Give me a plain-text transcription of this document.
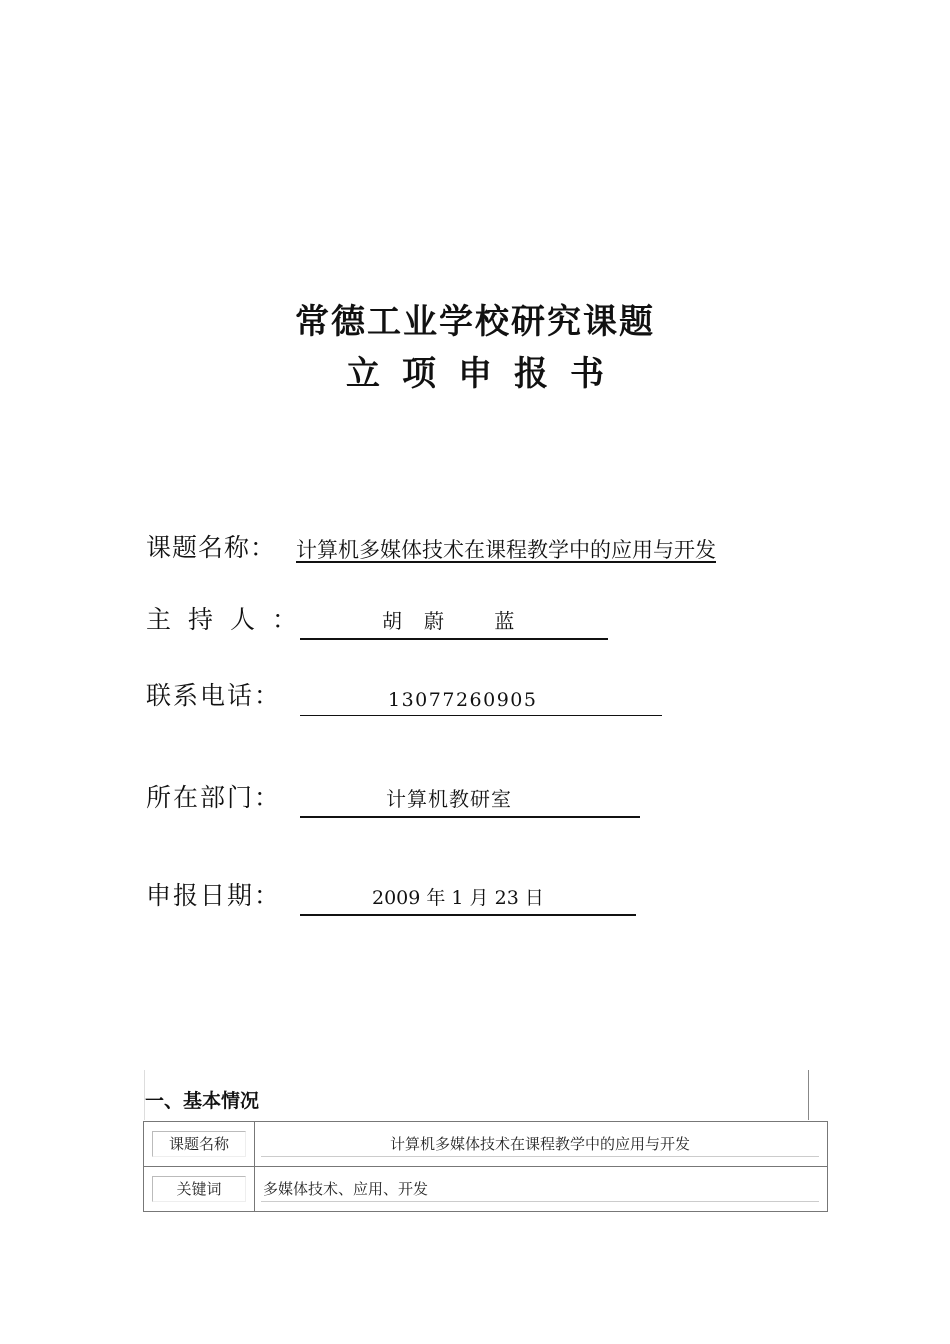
常德工业学校研究课题
立项申报书
课题名称： 计算机多媒体技术在课程教学中的应用与开发
主持人：	胡蔚 蓝
联系电话：	13077260905
所在部门：	计算机教研室
申报日期：	2009 年 1 月 23 日
一、基本情况
课题名称	计算机多媒体技术在课程教学中的应用与开发

关键词	多媒体技术、应用、开发
